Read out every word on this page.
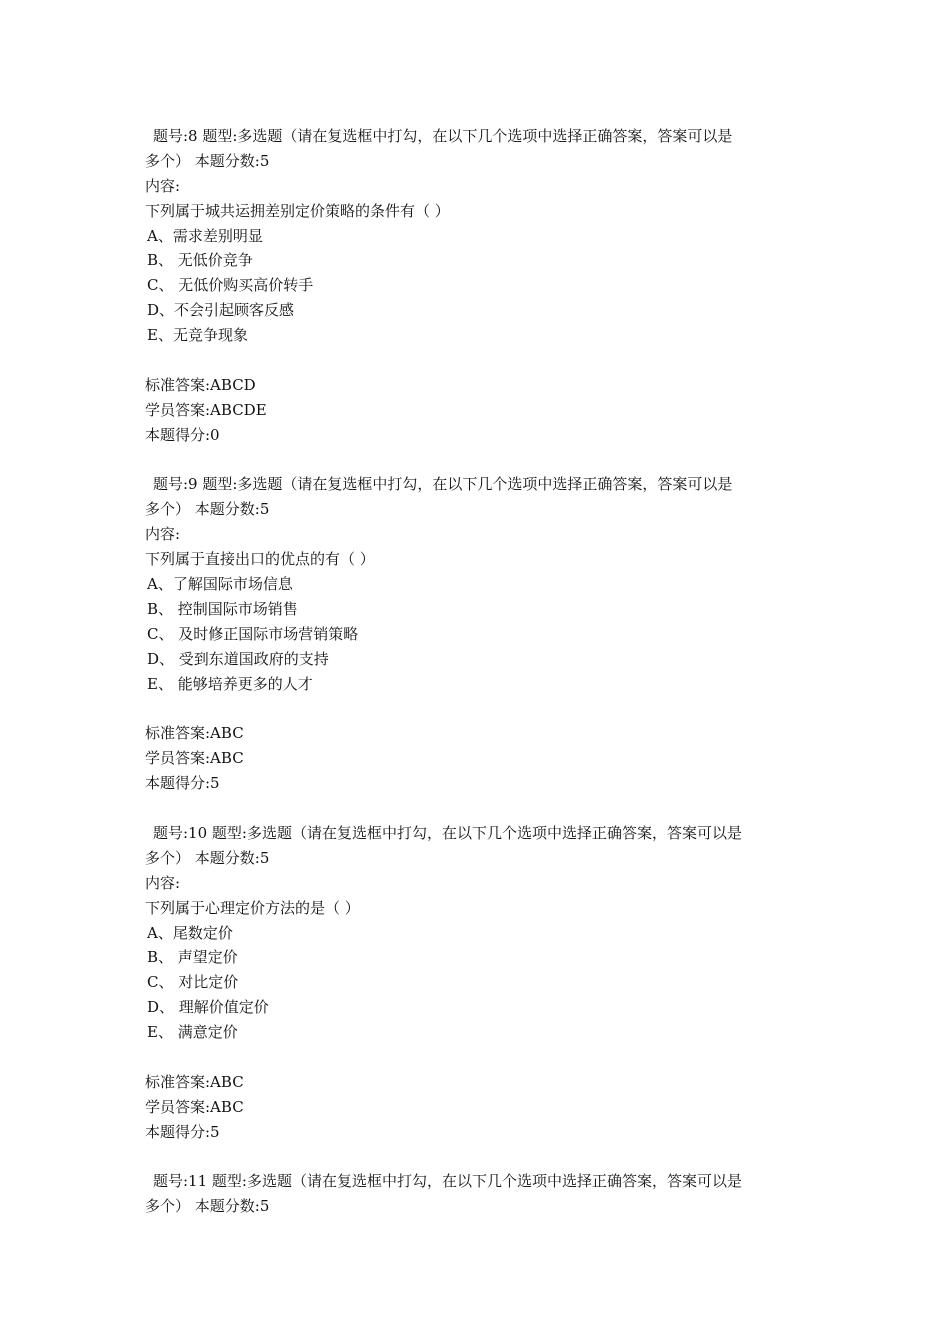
题号:8 题型:多选题（请在复选框中打勾，在以下几个选项中选择正确答案，答案可以是
多个） 本题分数:5
内容:
下列属于城共运拥差别定价策略的条件有（ ）
A、需求差别明显
B、 无低价竞争
C、 无低价购买高价转手
D、不会引起顾客反感
E、无竞争现象
标准答案:ABCD
学员答案:ABCDE
本题得分:0
题号:9 题型:多选题（请在复选框中打勾，在以下几个选项中选择正确答案，答案可以是
多个） 本题分数:5
内容:
下列属于直接出口的优点的有（ ）
A、了解国际市场信息
B、 控制国际市场销售
C、 及时修正国际市场营销策略
D、 受到东道国政府的支持
E、 能够培养更多的人才
标准答案:ABC
学员答案:ABC
本题得分:5
题号:10 题型:多选题（请在复选框中打勾，在以下几个选项中选择正确答案，答案可以是
多个） 本题分数:5
内容:
下列属于心理定价方法的是（ ）
A、尾数定价
B、 声望定价
C、 对比定价
D、 理解价值定价
E、 满意定价
标准答案:ABC
学员答案:ABC
本题得分:5
题号:11 题型:多选题（请在复选框中打勾，在以下几个选项中选择正确答案，答案可以是
多个） 本题分数:5
